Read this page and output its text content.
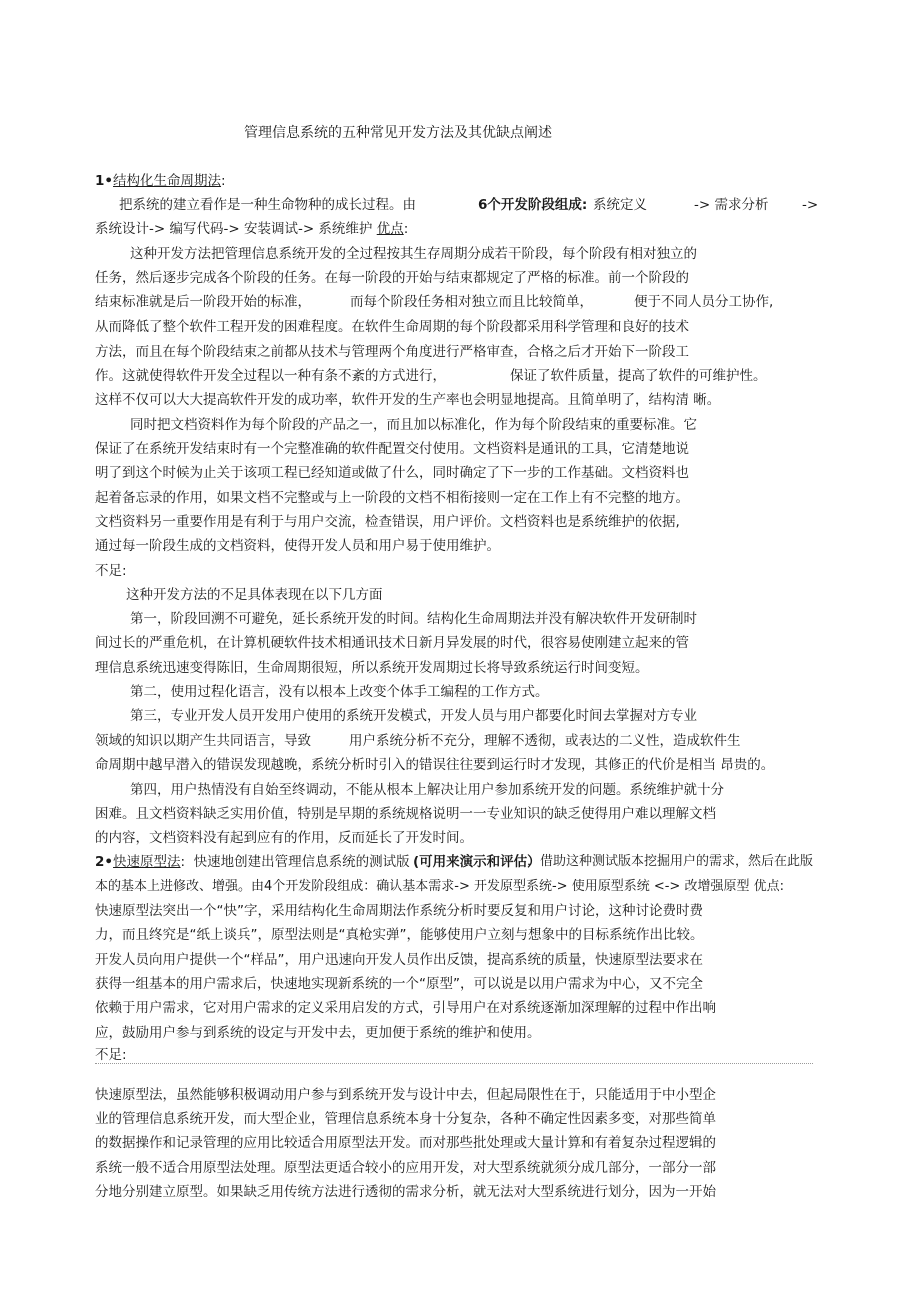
管理信息系统的五种常见开发方法及其优缺点阐述
1•结构化生命周期法:
把系统的建立看作是一种生命物种的成长过程。由	6个开发阶段组成: 系统定义	-> 需求分析 ->
系统设计-> 编写代码-> 安装调试-> 系统维护 优点:
这种开发方法把管理信息系统开发的全过程按其生存周期分成若干阶段，每个阶段有相对独立的
任务，然后逐步完成各个阶段的任务。在每一阶段的开始与结束都规定了严格的标准。前一个阶段的
结束标准就是后一阶段开始的标准，	而每个阶段任务相对独立而且比较简单，	便于不同人员分工协作,
从而降低了整个软件工程开发的困难程度。在软件生命周期的每个阶段都采用科学管理和良好的技术
方法，而且在每个阶段结束之前都从技术与管理两个角度进行严格审查，合格之后才开始下一阶段工
作。这就使得软件开发全过程以一种有条不紊的方式进行，	保证了软件质量，提高了软件的可维护性。
这样不仅可以大大提高软件开发的成功率，软件开发的生产率也会明显地提高。且简单明了，结构清 晰。
同时把文档资料作为每个阶段的产品之一，而且加以标准化，作为每个阶段结束的重要标准。它
保证了在系统开发结束时有一个完整准确的软件配置交付使用。文档资料是通讯的工具，它清楚地说
明了到这个时候为止关于该项工程已经知道或做了什么，同时确定了下一步的工作基础。文档资料也
起着备忘录的作用，如果文档不完整或与上一阶段的文档不相衔接则一定在工作上有不完整的地方。
文档资料另一重要作用是有利于与用户交流，检查错误，用户评价。文档资料也是系统维护的依据,
通过每一阶段生成的文档资料，使得开发人员和用户易于使用维护。
不足:
这种开发方法的不足具体表现在以下几方面
第一，阶段回溯不可避免，延长系统开发的时间。结构化生命周期法并没有解决软件开发研制时
间过长的严重危机，在计算机硬软件技术相通讯技术日新月异发展的时代，很容易使刚建立起来的管
理信息系统迅速变得陈旧，生命周期很短，所以系统开发周期过长将导致系统运行时间变短。
第二，使用过程化语言，没有以根本上改变个体手工编程的工作方式。
第三，专业开发人员开发用户使用的系统开发模式，开发人员与用户都要化时间去掌握对方专业
领域的知识以期产生共同语言，导致	用户系统分析不充分，理解不透彻，或表达的二义性，造成软件生
命周期中越早潜入的错误发现越晚，系统分析时引入的错误往往要到运行时才发现，其修正的代价是相当 昂贵的。
第四，用户热情没有自始至终调动，不能从根本上解决让用户参加系统开发的问题。系统维护就十分
困难。且文档资料缺乏实用价值，特别是早期的系统规格说明一一专业知识的缺乏使得用户难以理解文档
的内容，文档资料没有起到应有的作用，反而延长了开发时间。
2•快速原型法:  快速地创建出管理信息系统的测试版 (可用来演示和评估）
，借助这种测试版本挖掘用户的需求，然后在此版
本的基本上进修改、增强。由4个开发阶段组成：确认基本需求-> 开发原型系统-> 使用原型系统 <-> 改增强原型 优点:
快速原型法突出一个“快”字，采用结构化生命周期法作系统分析时要反复和用户讨论，这种讨论费时费
力，而且终究是“纸上谈兵”，原型法则是“真枪实弹”，能够使用户立刻与想象中的目标系统作出比较。
开发人员向用户提供一个“样品”，用户迅速向开发人员作出反馈，提高系统的质量，快速原型法要求在
获得一组基本的用户需求后，快速地实现新系统的一个“原型”，可以说是以用户需求为中心，又不完全
依赖于用户需求，它对用户需求的定义采用启发的方式，引导用户在对系统逐渐加深理解的过程中作出响
应，鼓励用户参与到系统的设定与开发中去，更加便于系统的维护和使用。
不足:
快速原型法，虽然能够积极调动用户参与到系统开发与设计中去，但起局限性在于，只能适用于中小型企
业的管理信息系统开发，而大型企业，管理信息系统本身十分复杂，各种不确定性因素多变，对那些简单
的数据操作和记录管理的应用比较适合用原型法开发。而对那些批处理或大量计算和有着复杂过程逻辑的
系统一般不适合用原型法处理。原型法更适合较小的应用开发，对大型系统就须分成几部分，一部分一部
分地分别建立原型。如果缺乏用传统方法进行透彻的需求分析，就无法对大型系统进行划分，因为一开始
